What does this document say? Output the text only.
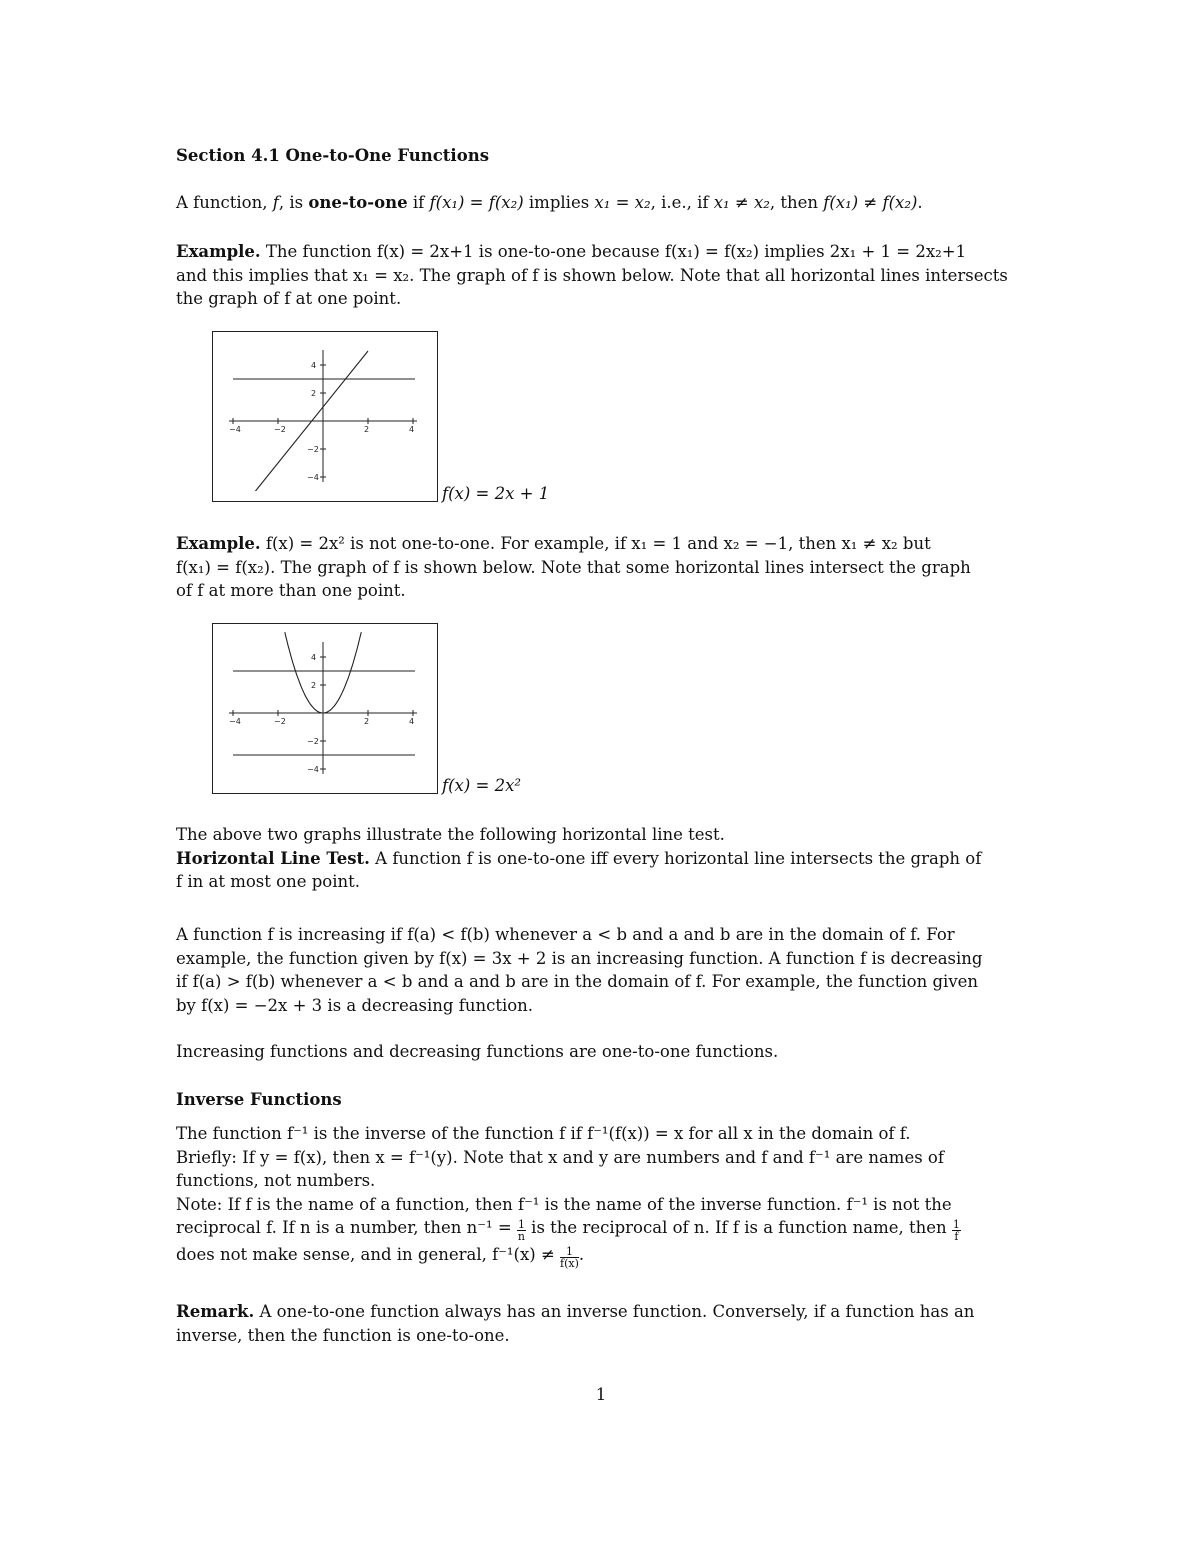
Section 4.1 One-to-One Functions
A function, f, is one-to-one if f(x₁) = f(x₂) implies x₁ = x₂, i.e., if x₁ ≠ x₂, then f(x₁) ≠ f(x₂).
Example. The function f(x) = 2x+1 is one-to-one because f(x₁) = f(x₂) implies 2x₁ + 1 = 2x₂+1
and this implies that x₁ = x₂. The graph of f is shown below. Note that all horizontal lines intersects
the graph of f at one point.
−4	−2	2	4
4
2
−2
−4
f(x) = 2x + 1
Example. f(x) = 2x² is not one-to-one. For example, if x₁ = 1 and x₂ = −1, then x₁ ≠ x₂ but
f(x₁) = f(x₂). The graph of f is shown below. Note that some horizontal lines intersect the graph
of f at more than one point.
−4	−2	2	4
4
2
−2
−4
f(x) = 2x²
The above two graphs illustrate the following horizontal line test.
Horizontal Line Test. A function f is one-to-one iff every horizontal line intersects the graph of
f in at most one point.
A function f is increasing if f(a) < f(b) whenever a < b and a and b are in the domain of f. For
example, the function given by f(x) = 3x + 2 is an increasing function. A function f is decreasing
if f(a) > f(b) whenever a < b and a and b are in the domain of f. For example, the function given
by f(x) = −2x + 3 is a decreasing function.
Increasing functions and decreasing functions are one-to-one functions.
Inverse Functions
The function f⁻¹ is the inverse of the function f if f⁻¹(f(x)) = x for all x in the domain of f.
Briefly: If y = f(x), then x = f⁻¹(y). Note that x and y are numbers and f and f⁻¹ are names of
functions, not numbers.
Note: If f is the name of a function, then f⁻¹ is the name of the inverse function. f⁻¹ is not the
reciprocal f. If n is a number, then $n^{-1} = \frac{1}{n}$ is the reciprocal of n. If f is a function name, then $\frac{1}{f}$
does not make sense, and in general, $f^{-1}(x) \ne \frac{1}{f(x)}$ .
Remark. A one-to-one function always has an inverse function. Conversely, if a function has an
inverse, then the function is one-to-one.
1
